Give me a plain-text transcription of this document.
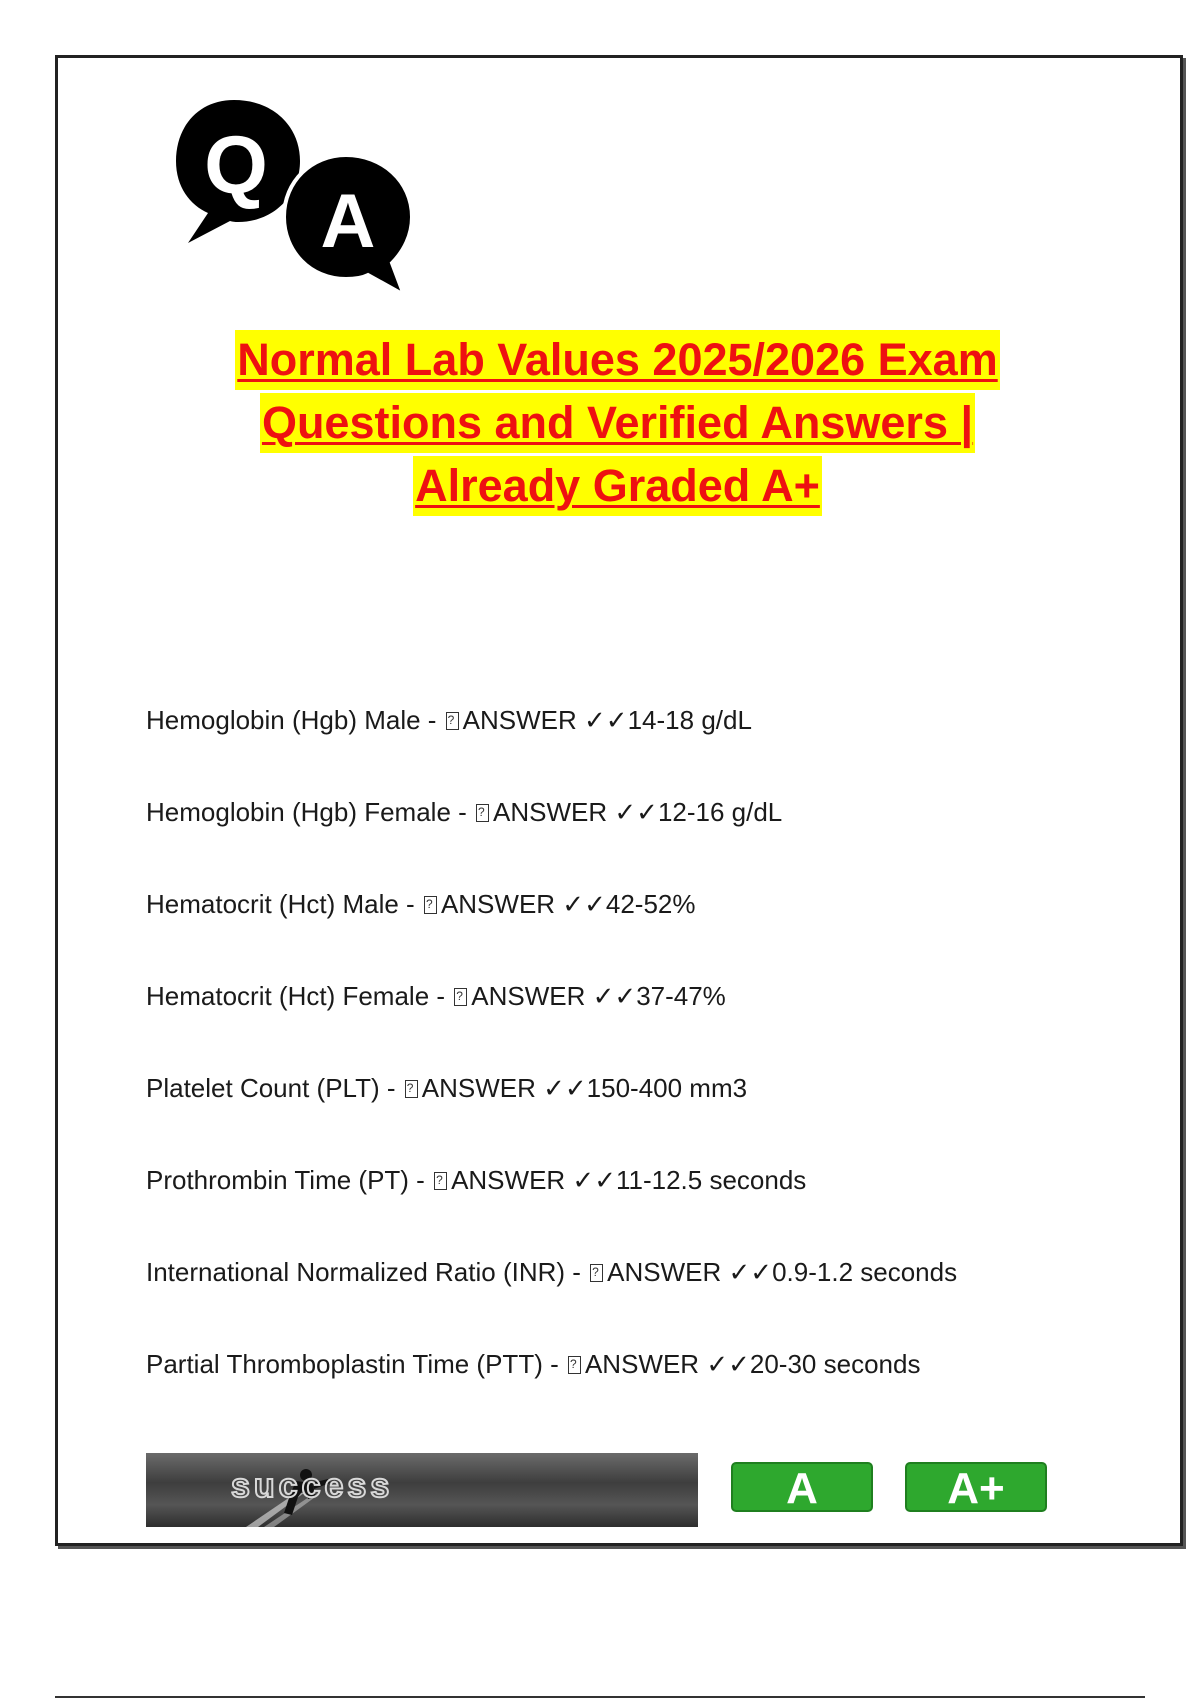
Q
A
Normal Lab Values 2025/2026 Exam
Questions and Verified Answers |
Already Graded A+
Hemoglobin (Hgb) Male - ?ANSWER ✓✓14-18 g/dL
Hemoglobin (Hgb) Female - ?ANSWER ✓✓12-16 g/dL
Hematocrit (Hct) Male - ?ANSWER ✓✓42-52%
Hematocrit (Hct) Female - ?ANSWER ✓✓37-47%
Platelet Count (PLT) - ?ANSWER ✓✓150-400 mm3
Prothrombin Time (PT) - ?ANSWER ✓✓11-12.5 seconds
International Normalized Ratio (INR) - ?ANSWER ✓✓0.9-1.2 seconds
Partial Thromboplastin Time (PTT) - ?ANSWER ✓✓20-30 seconds
success	A	A+
